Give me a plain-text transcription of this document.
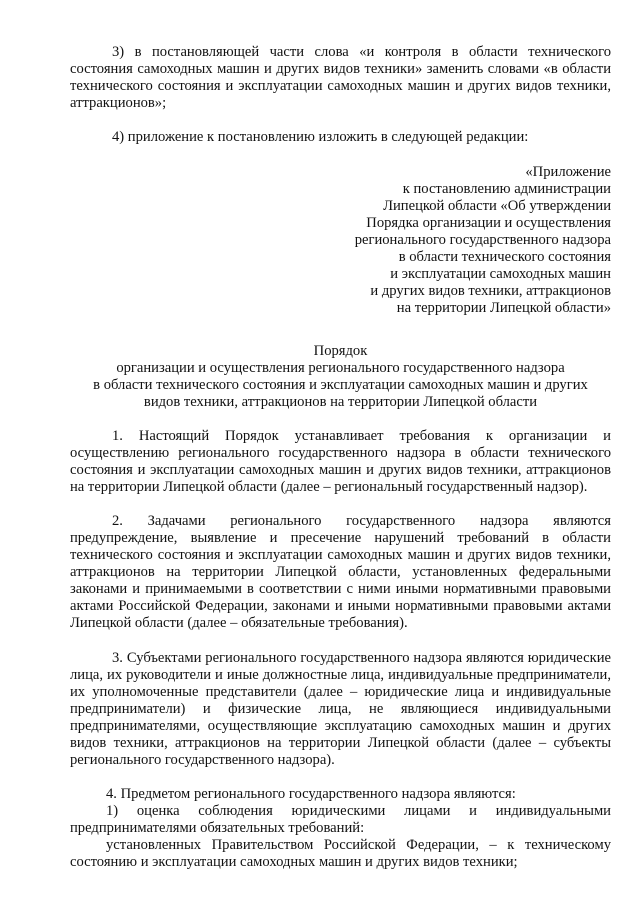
3) в постановляющей части слова «и контроля в области технического состояния самоходных машин и других видов техники» заменить словами «в области технического состояния и эксплуатации самоходных машин и других видов техники, аттракционов»;
4) приложение к постановлению изложить в следующей редакции:
«Приложение
к постановлению администрации
Липецкой области «Об утверждении
Порядка организации и осуществления
регионального государственного надзора
в области технического состояния
и эксплуатации самоходных машин
и других видов техники, аттракционов
на территории Липецкой области»
Порядок
организации и осуществления регионального государственного надзора
в области технического состояния и эксплуатации самоходных машин и других
видов техники, аттракционов на территории Липецкой области
1. Настоящий Порядок устанавливает требования к организации и осуществлению регионального государственного надзора в области технического состояния и эксплуатации самоходных машин и других видов техники, аттракционов на территории Липецкой области (далее – региональный государственный надзор).
2. Задачами регионального государственного надзора являются предупреждение, выявление и пресечение нарушений требований в области технического состояния и эксплуатации самоходных машин и других видов техники, аттракционов на территории Липецкой области, установленных федеральными законами и принимаемыми в соответствии с ними иными нормативными правовыми актами Российской Федерации, законами и иными нормативными правовыми актами Липецкой области (далее – обязательные требования).
3. Субъектами регионального государственного надзора являются юридические лица, их руководители и иные должностные лица, индивидуальные предприниматели, их уполномоченные представители (далее – юридические лица и индивидуальные предприниматели) и физические лица, не являющиеся индивидуальными предпринимателями, осуществляющие эксплуатацию самоходных машин и других видов техники, аттракционов на территории Липецкой области (далее – субъекты регионального государственного надзора).
4. Предметом регионального государственного надзора являются:
1) оценка соблюдения юридическими лицами и индивидуальными предпринимателями обязательных требований:
установленных Правительством Российской Федерации, – к техническому состоянию и эксплуатации самоходных машин и других видов техники;
